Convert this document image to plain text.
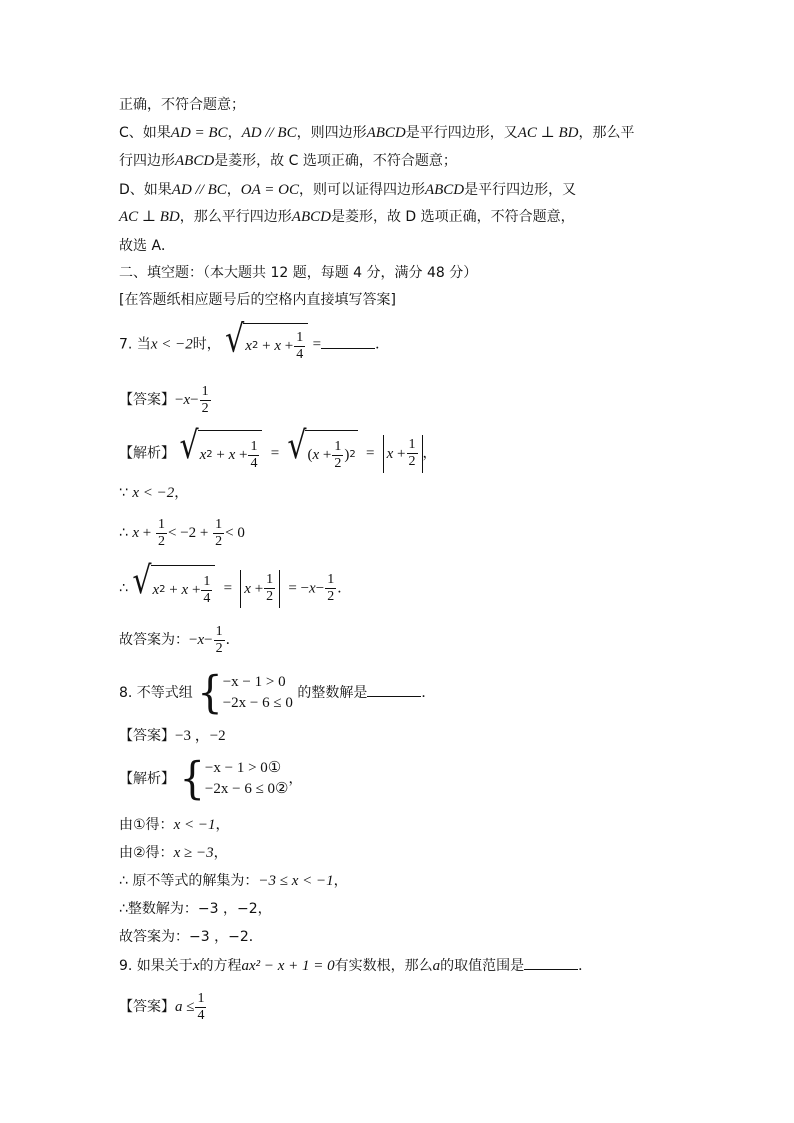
正确，不符合题意；
C、如果AD = BC，AD // BC，则四边形ABCD是平行四边形，又AC ⊥ BD，那么平
行四边形ABCD是菱形，故 C 选项正确，不符合题意；
D、如果AD // BC，OA = OC，则可以证得四边形ABCD是平行四边形，又
AC ⊥ BD，那么平行四边形ABCD是菱形，故 D 选项正确，不符合题意，
故选 A．
二、填空题：（本大题共 12 题，每题 4 分，满分 48 分）
[在答题纸相应题号后的空格内直接填写答案]
7. 当x < −2时， √ x $2 + x + \frac{1}{4}$ =	．
【答案】$-x- \frac{1}{2}$
【解析】 √ x $2 + x + \frac{1}{4}$ = √ ( $x + \frac{1}{2}$ ) $2 = x + \frac{1}{2}$ ，
∵ x < −2，
∴ $x + \frac{1}{2} < -2 + \frac{1}{2} < 0$
∴ √ x $2 + x + \frac{1}{4} = x + \frac{1}{2} = -x- \frac{1}{2}$ ．
故答案为：$-x- \frac{1}{2}$ ．
8. 不等式组 { −x − 1 > 0
−2x − 6 ≤ 0
的整数解是	．
【答案】−3 ，−2
【解析】 { −x − 1 > 0①
−2x − 6 ≤ 0②
，
由①得：x < −1，
由②得：x ≥ −3，
∴ 原不等式的解集为：−3 ≤ x < −1，
∴整数解为：−3 ，−2，
故答案为：−3 ，−2．
9. 如果关于x的方程ax² − x + 1 = 0有实数根，那么a的取值范围是	．
【答案】$a \le \frac{1}{4}$
